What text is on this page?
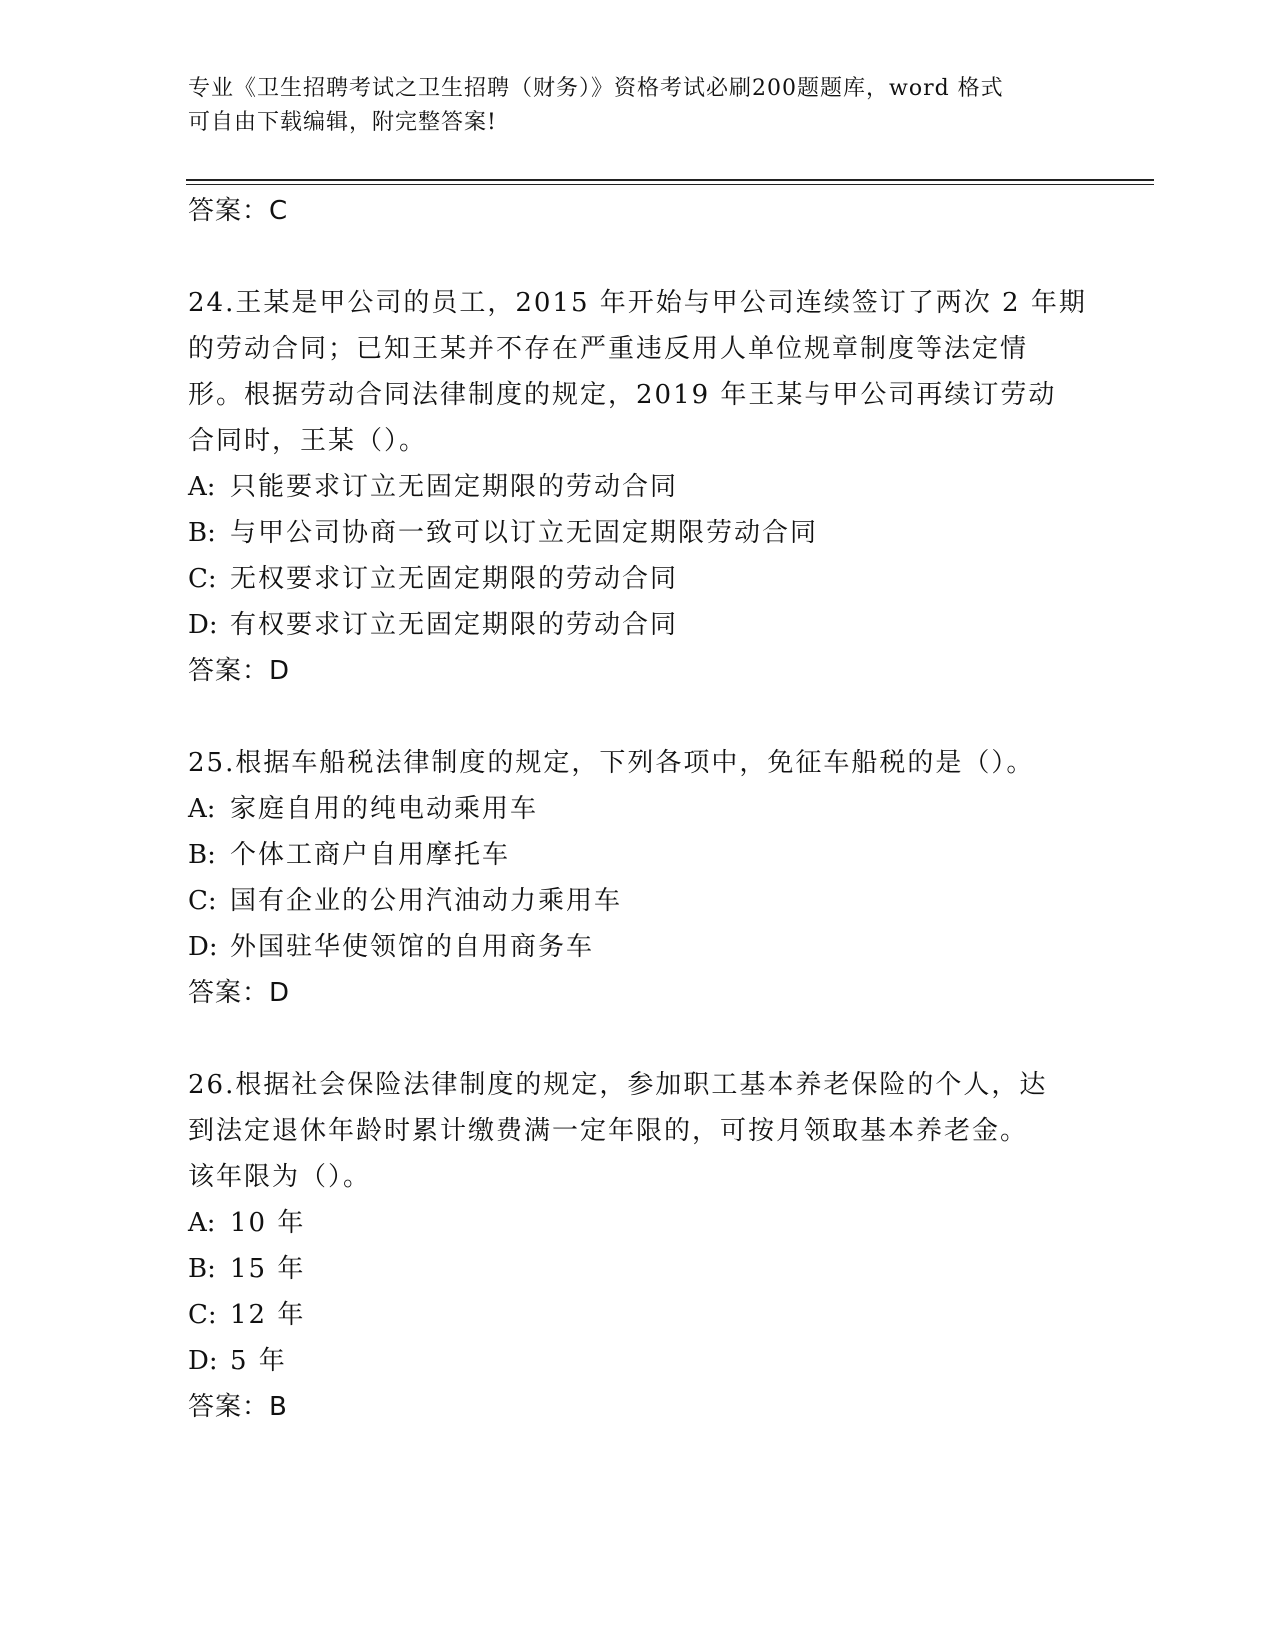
专业《卫生招聘考试之卫生招聘（财务）》资格考试必刷200题题库，word 格式
可自由下载编辑，附完整答案!
答案：C
24.王某是甲公司的员工，2015 年开始与甲公司连续签订了两次 2 年期
的劳动合同；已知王某并不存在严重违反用人单位规章制度等法定情
形。根据劳动合同法律制度的规定，2019 年王某与甲公司再续订劳动
合同时，王某（）。
A: 只能要求订立无固定期限的劳动合同
B: 与甲公司协商一致可以订立无固定期限劳动合同
C: 无权要求订立无固定期限的劳动合同
D: 有权要求订立无固定期限的劳动合同
答案：D
25.根据车船税法律制度的规定，下列各项中，免征车船税的是（）。
A: 家庭自用的纯电动乘用车
B: 个体工商户自用摩托车
C: 国有企业的公用汽油动力乘用车
D: 外国驻华使领馆的自用商务车
答案：D
26.根据社会保险法律制度的规定，参加职工基本养老保险的个人，达
到法定退休年龄时累计缴费满一定年限的，可按月领取基本养老金。
该年限为（）。
A: 10 年
B: 15 年
C: 12 年
D: 5 年
答案：B
